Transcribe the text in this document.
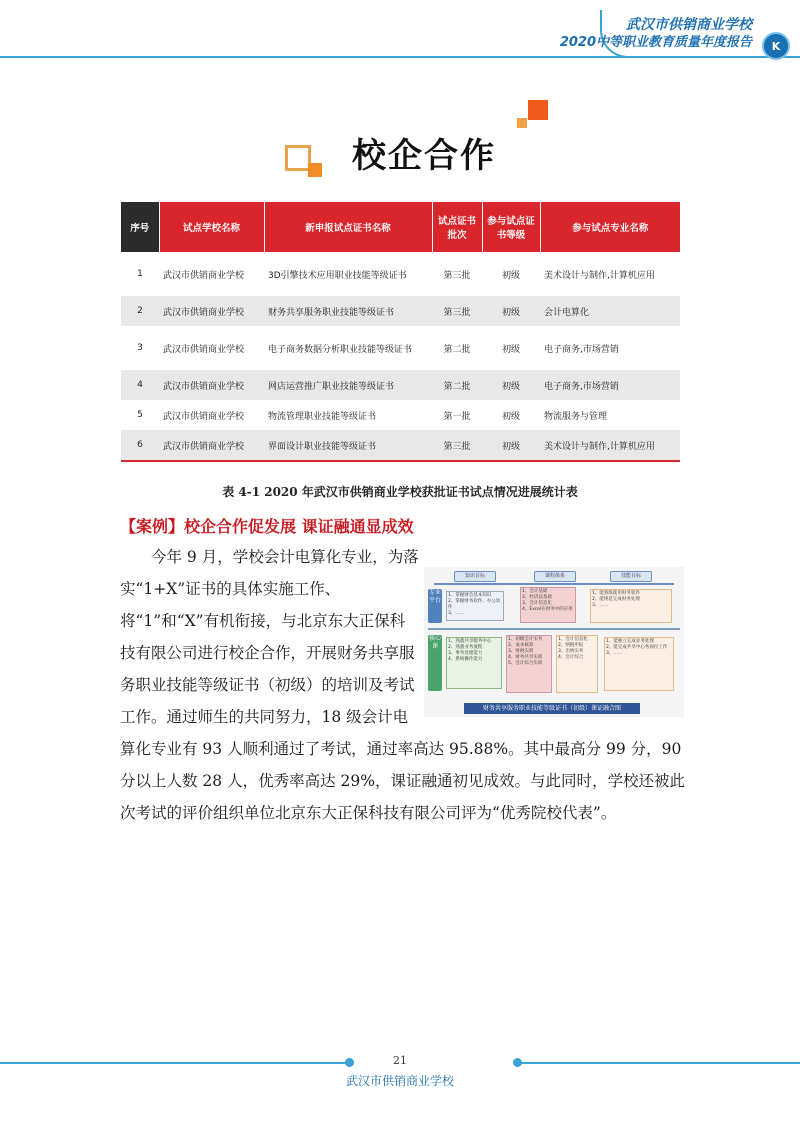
武汉市供销商业学校
2020中等职业教育质量年度报告 K
校企合作
序号	试点学校名称	新申报试点证书名称	试点证书批次	参与试点证书等级	参与试点专业名称
1	武汉市供销商业学校	3D引擎技术应用职业技能等级证书	第三批	初级	美术设计与制作,计算机应用
2	武汉市供销商业学校	财务共享服务职业技能等级证书	第三批	初级	会计电算化
3	武汉市供销商业学校	电子商务数据分析职业技能等级证书	第二批	初级	电子商务,市场营销
4	武汉市供销商业学校	网店运营推广职业技能等级证书	第二批	初级	电子商务,市场营销
5	武汉市供销商业学校	物流管理职业技能等级证书	第一批	初级	物流服务与管理
6	武汉市供销商业学校	界面设计职业技能等级证书	第三批	初级	美术设计与制作,计算机应用
表 4-1 2020 年武汉市供销商业学校获批证书试点情况进展统计表
【案例】校企合作促发展 课证融通显成效
今年 9 月，学校会计电算化专业，为落实“1+X”证书的具体实施工作、将“1”和“X”有机衔接，与北京东大正保科技有限公司进行校企合作，开展财务共享服务职业技能等级证书（初级）的培训及考试工作。通过师生的共同努力，18 级会计电
算化专业有 93 人顺利通过了考试，通过率高达 95.88%。其中最高分 99 分，90 分以上人数 28 人，优秀率高达 29%，课证融通初见成效。与此同时，学校还被此次考试的评价组织单位北京东大正保科技有限公司评为“优秀院校代表”。
知识目标	课程体系	技能目标
专业平台
1、掌握财会基本知识
2、掌握财务软件、办公软件
3、……
1、会计基础
2、经济法基础
3、会计信息化
4、Excel在财务中的应用
1、能熟练使用财务软件
2、能规范完成财务处理
3、……
核心课
1、熟悉共享服务中心
2、熟悉业务流程
3、事务处理能力
4、系统操作能力
1、初级会计实务
2、成本核算
3、财税实训
4、财务共享实训
5、会计综合实训
1、会计信息化
2、纳税申报
3、出纳实务
4、会计综合
1、能独立完成业务处理
2、能完成共享中心各岗位工作
3、……
财务共享服务职业技能等级证书（初级）课证融合图
21
武汉市供销商业学校
